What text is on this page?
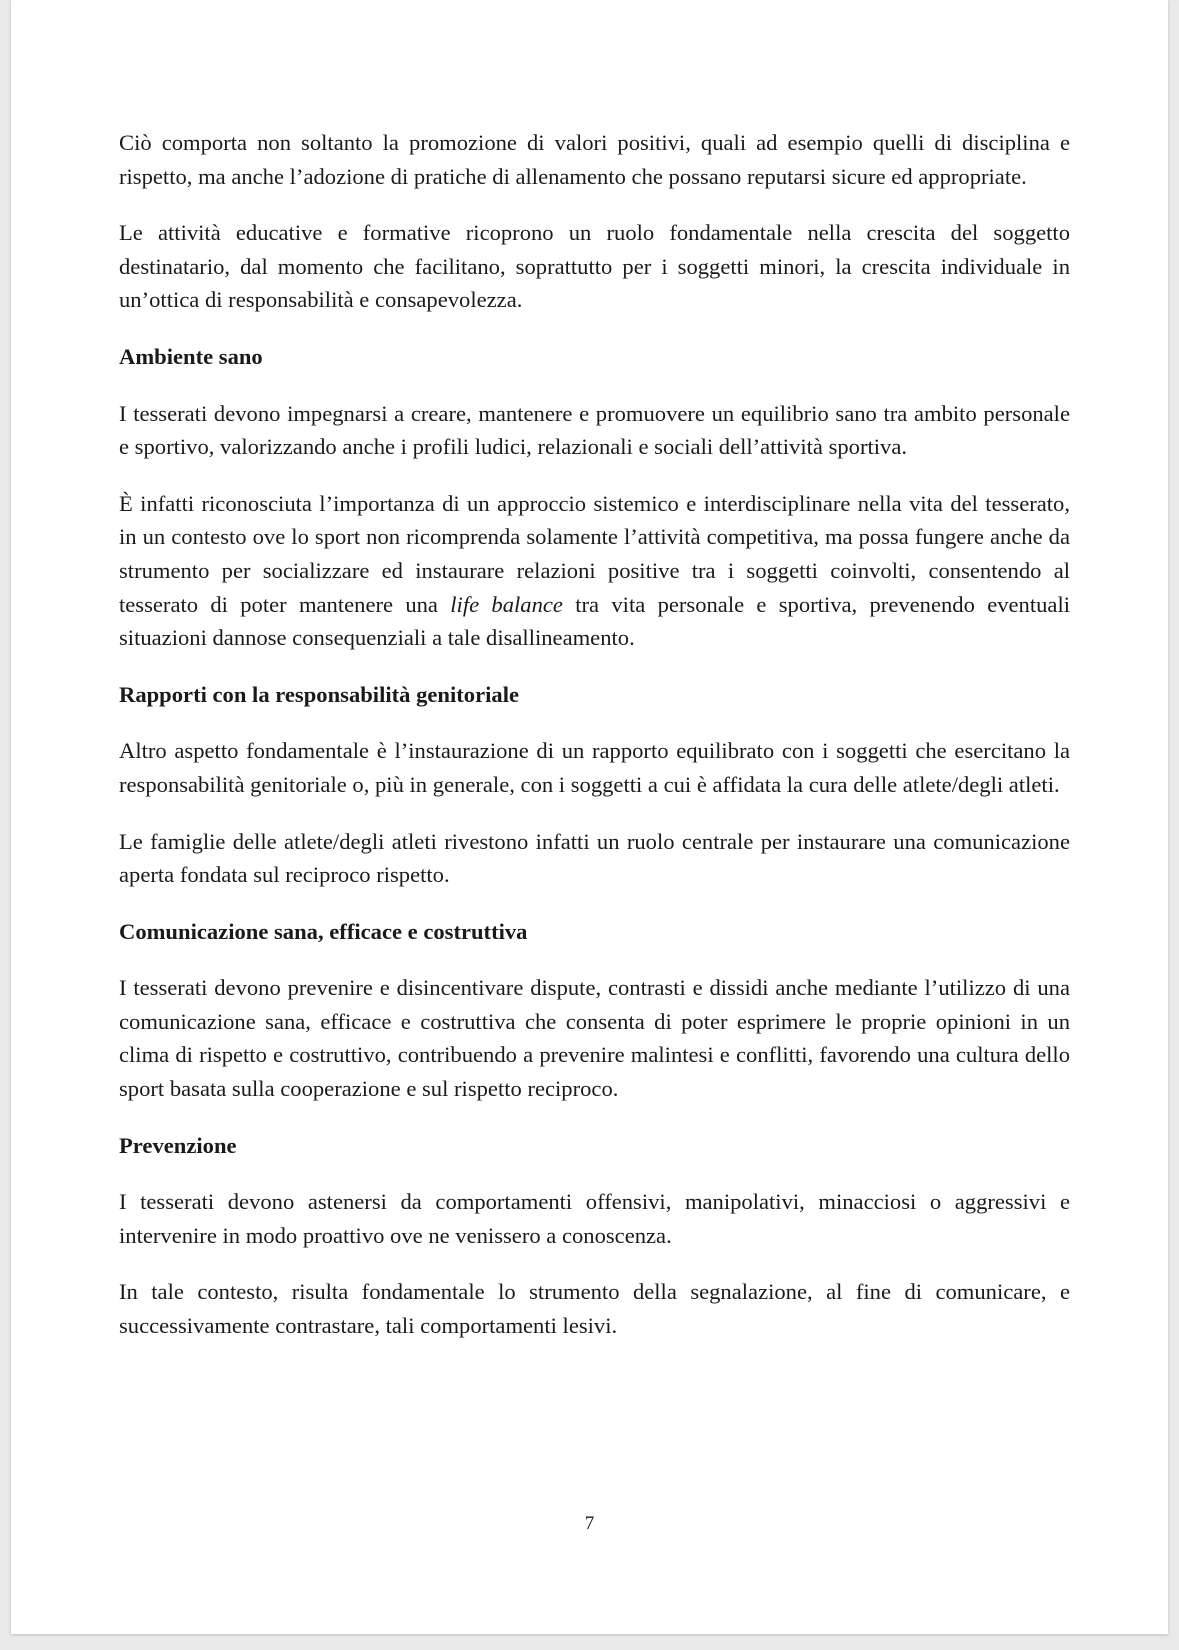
Ciò comporta non soltanto la promozione di valori positivi, quali ad esempio quelli di disciplina e rispetto, ma anche l’adozione di pratiche di allenamento che possano reputarsi sicure ed appropriate.

Le attività educative e formative ricoprono un ruolo fondamentale nella crescita del soggetto destinatario, dal momento che facilitano, soprattutto per i soggetti minori, la crescita individuale in un’ottica di responsabilità e consapevolezza.

Ambiente sano

I tesserati devono impegnarsi a creare, mantenere e promuovere un equilibrio sano tra ambito personale e sportivo, valorizzando anche i profili ludici, relazionali e sociali dell’attività sportiva.

È infatti riconosciuta l’importanza di un approccio sistemico e interdisciplinare nella vita del tesserato, in un contesto ove lo sport non ricomprenda solamente l’attività competitiva, ma possa fungere anche da strumento per socializzare ed instaurare relazioni positive tra i soggetti coinvolti, consentendo al tesserato di poter mantenere una life balance tra vita personale e sportiva, prevenendo eventuali situazioni dannose consequenziali a tale disallineamento.

Rapporti con la responsabilità genitoriale

Altro aspetto fondamentale è l’instaurazione di un rapporto equilibrato con i soggetti che esercitano la responsabilità genitoriale o, più in generale, con i soggetti a cui è affidata la cura delle atlete/degli atleti.

Le famiglie delle atlete/degli atleti rivestono infatti un ruolo centrale per instaurare una comunicazione aperta fondata sul reciproco rispetto.

Comunicazione sana, efficace e costruttiva

I tesserati devono prevenire e disincentivare dispute, contrasti e dissidi anche mediante l’utilizzo di una comunicazione sana, efficace e costruttiva che consenta di poter esprimere le proprie opinioni in un clima di rispetto e costruttivo, contribuendo a prevenire malintesi e conflitti, favorendo una cultura dello sport basata sulla cooperazione e sul rispetto reciproco.

Prevenzione

I tesserati devono astenersi da comportamenti offensivi, manipolativi, minacciosi o aggressivi e intervenire in modo proattivo ove ne venissero a conoscenza.

In tale contesto, risulta fondamentale lo strumento della segnalazione, al fine di comunicare, e successivamente contrastare, tali comportamenti lesivi.

7
